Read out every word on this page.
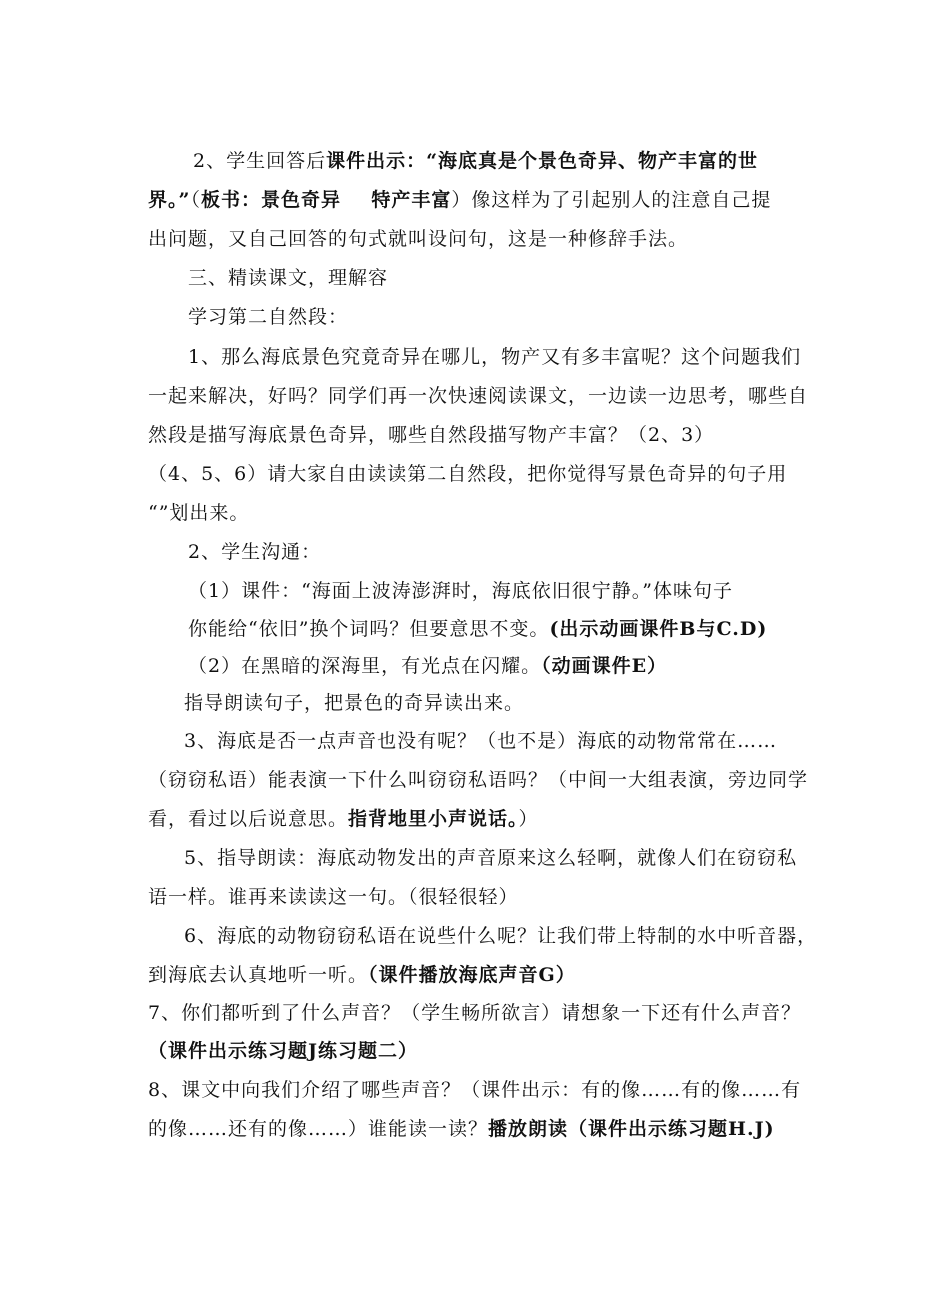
2、学生回答后课件出示：“海底真是个景色奇异、物产丰富的世
界。”（板书：景色奇异    特产丰富）像这样为了引起别人的注意自己提
出问题，又自己回答的句式就叫设问句，这是一种修辞手法。
三、精读课文，理解容
学习第二自然段：
1、那么海底景色究竟奇异在哪儿，物产又有多丰富呢？这个问题我们
一起来解决，好吗？同学们再一次快速阅读课文，一边读一边思考，哪些自
然段是描写海底景色奇异，哪些自然段描写物产丰富？（2、3）
（4、5、6）请大家自由读读第二自然段，把你觉得写景色奇异的句子用
“”划出来。
2、学生沟通：
（1）课件：“海面上波涛澎湃时，海底依旧很宁静。”体味句子
你能给“依旧”换个词吗？但要意思不变。(出示动画课件B与C.D)
（2）在黑暗的深海里，有光点在闪耀。（动画课件E）
指导朗读句子，把景色的奇异读出来。
3、海底是否一点声音也没有呢？（也不是）海底的动物常常在……
（窃窃私语）能表演一下什么叫窃窃私语吗？（中间一大组表演，旁边同学
看，看过以后说意思。指背地里小声说话。）
5、指导朗读：海底动物发出的声音原来这么轻啊，就像人们在窃窃私
语一样。谁再来读读这一句。（很轻很轻）
6、海底的动物窃窃私语在说些什么呢？让我们带上特制的水中听音器，
到海底去认真地听一听。（课件播放海底声音G）
7、你们都听到了什么声音？（学生畅所欲言）请想象一下还有什么声音？
（课件出示练习题J练习题二）
8、课文中向我们介绍了哪些声音？（课件出示：有的像……有的像……有
的像……还有的像……）谁能读一读？播放朗读（课件出示练习题H.J)
